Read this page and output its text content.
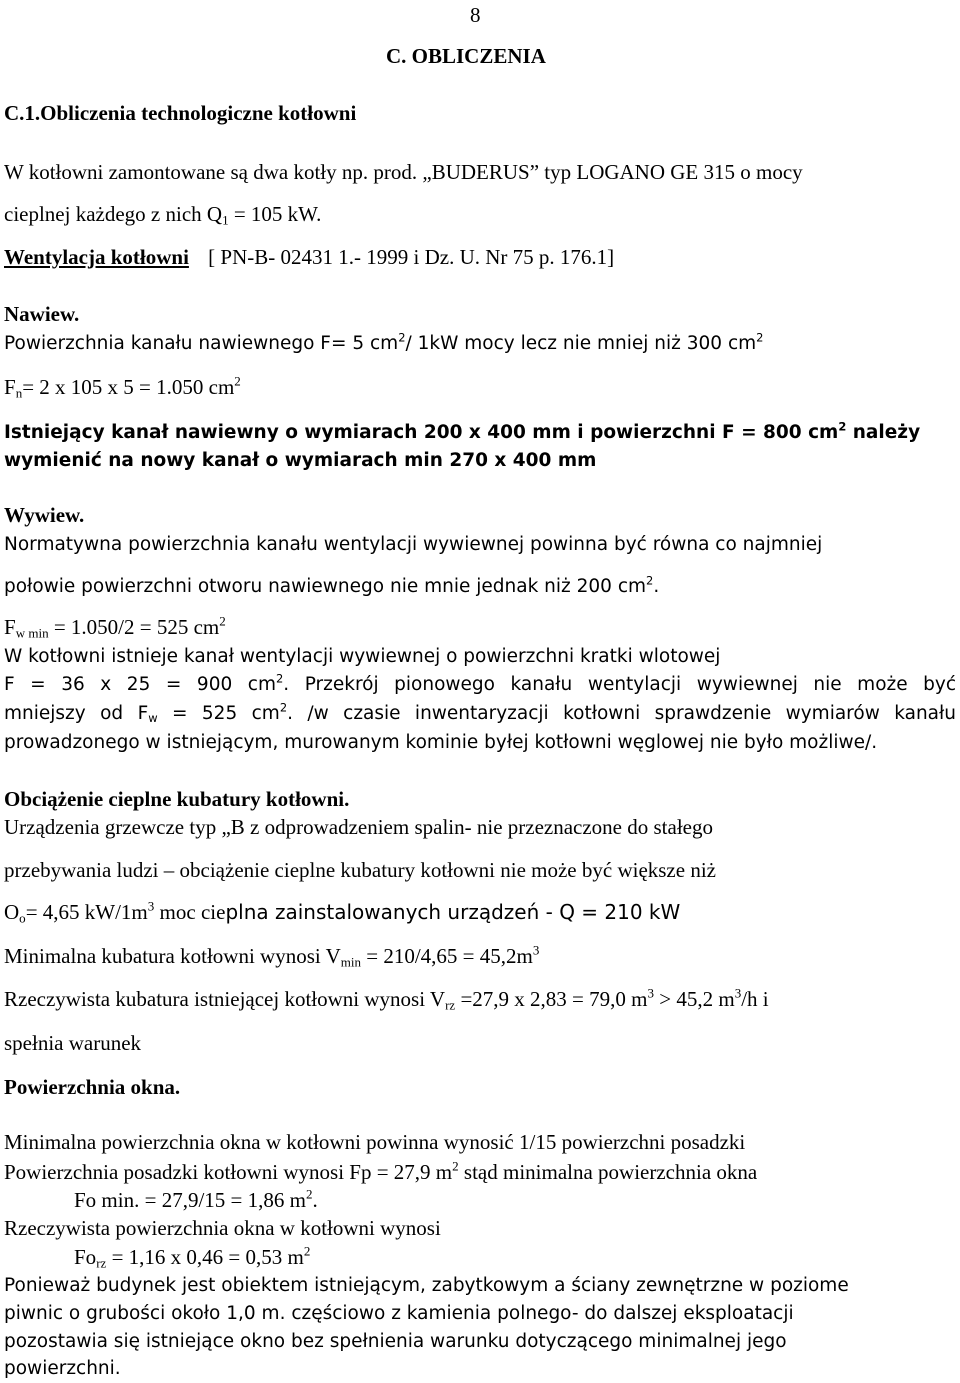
8
C. OBLICZENIA
C.1.Obliczenia technologiczne kotłowni
W kotłowni zamontowane są dwa kotły np. prod. „BUDERUS” typ LOGANO GE 315 o mocy
cieplnej każdego z nich $Q_1 = 105$ kW.
Wentylacja kotłowni [ PN-B- 02431 1.- 1999 i Dz. U. Nr 75 p. 176.1]
Nawiew.
Powierzchnia kanału nawiewnego F= 5 $cm^2/$ 1kW mocy lecz nie mniej niż 300 $cm^2$
$F_n= 2$ x 105 x 5 = 1.050 $cm^2$
Istniejący kanał nawiewny o wymiarach 200 x 400 mm i powierzchni F = 800 $cm^2$ należy
wymienić na nowy kanał o wymiarach min 270 x 400 mm
Wywiew.
Normatywna powierzchnia kanału wentylacji wywiewnej powinna być równa co najmniej
połowie powierzchni otworu nawiewnego nie mnie jednak niż 200 $cm^2$.
$F_{w min} = 1.050/2 = 525$ $cm^2$
W kotłowni istnieje kanał wentylacji wywiewnej o powierzchni kratki wlotowej
F = 36 x 25 = 900 $cm^2$. Przekrój pionowego kanału wentylacji wywiewnej nie może być
mniejszy od $F_w = 525$ $cm^2$. /w czasie inwentaryzacji kotłowni sprawdzenie wymiarów kanału
prowadzonego w istniejącym, murowanym kominie byłej kotłowni węglowej nie było możliwe/.
Obciążenie cieplne kubatury kotłowni.
Urządzenia grzewcze typ „B z odprowadzeniem spalin- nie przeznaczone do stałego
przebywania ludzi – obciążenie cieplne kubatury kotłowni nie może być większe niż
$O_o= 4,65$ $kW/1m^3$ moc cieplna zainstalowanych urządzeń - Q = 210 kW
Minimalna kubatura kotłowni wynosi $V_{min} = 210/4,65 = 45,2m^3$
Rzeczywista kubatura istniejącej kotłowni wynosi $V_{rz} =27,9$ x 2,83 = 79,0 $m^3 > 45,2$ $m^3/h$ i
spełnia warunek
Powierzchnia okna.
Minimalna powierzchnia okna w kotłowni powinna wynosić 1/15 powierzchni posadzki
Powierzchnia posadzki kotłowni wynosi Fp = 27,9 $m^2$ stąd minimalna powierzchnia okna
Fo min. = 27,9/15 = 1,86 $m^2$.
Rzeczywista powierzchnia okna w kotłowni wynosi
$Fo_{rz} = 1,16$ x 0,46 = 0,53 $m^2$
Ponieważ budynek jest obiektem istniejącym, zabytkowym a ściany zewnętrzne w poziome
piwnic o grubości około 1,0 m. częściowo z kamienia polnego- do dalszej eksploatacji
pozostawia się istniejące okno bez spełnienia warunku dotyczącego minimalnej jego
powierzchni.
